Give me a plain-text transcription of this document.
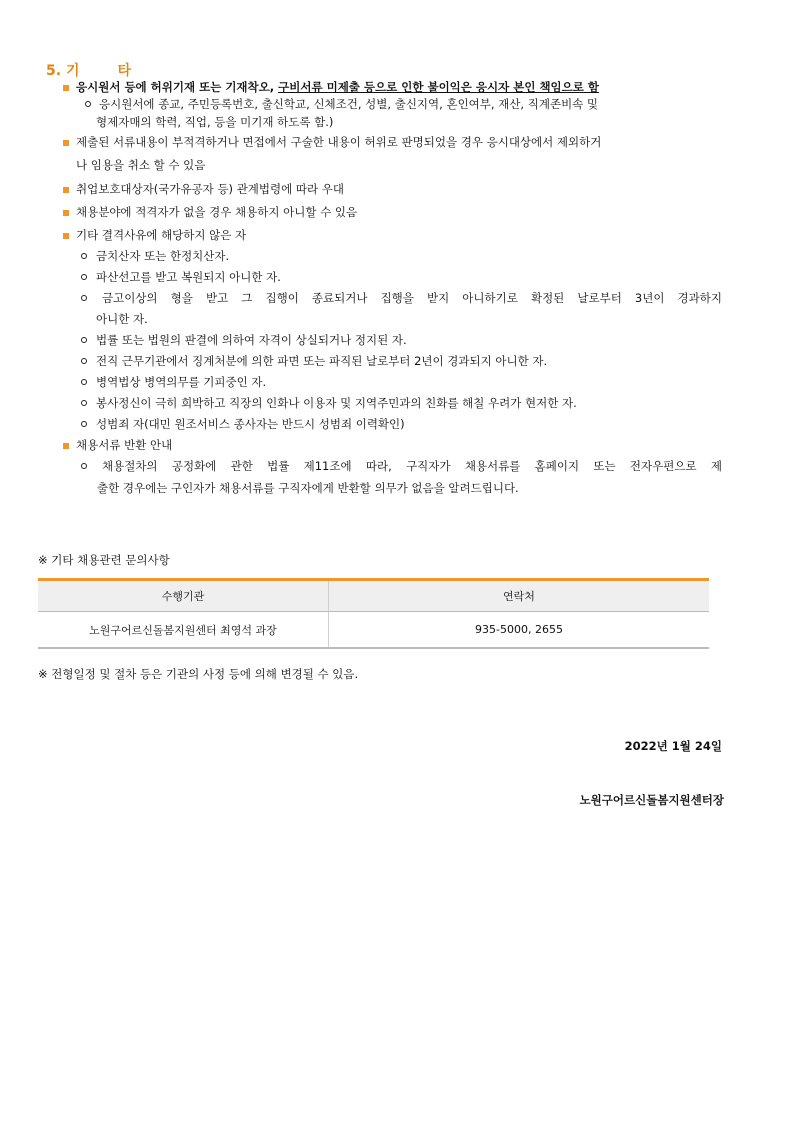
5. 기	타
응시원서 등에 허위기재 또는 기재착오, 구비서류 미제출 등으로 인한 불이익은 응시자 본인 책임으로 함
응시원서에 종교, 주민등록번호, 출신학교, 신체조건, 성별, 출신지역, 혼인여부, 재산, 직계존비속 및
형제자매의 학력, 직업, 등을 미기재 하도록 함.)
제출된 서류내용이 부적격하거나 면접에서 구술한 내용이 허위로 판명되었을 경우 응시대상에서 제외하거
나 임용을 취소 할 수 있음
취업보호대상자(국가유공자 등) 관계법령에 따라 우대
채용분야에 적격자가 없을 경우 채용하지 아니할 수 있음
기타 결격사유에 해당하지 않은 자
금치산자 또는 한정치산자.
파산선고를 받고 복원되지 아니한 자.
금고이상의 형을 받고 그 집행이 종료되거나 집행을 받지 아니하기로 확정된 날로부터 3년이 경과하지
아니한 자.
법률 또는 법원의 판결에 의하여 자격이 상실되거나 정지된 자.
전직 근무기관에서 징계처분에 의한 파면 또는 파직된 날로부터 2년이 경과되지 아니한 자.
병역법상 병역의무를 기피중인 자.
봉사정신이 극히 희박하고 직장의 인화나 이용자 및 지역주민과의 친화를 해칠 우려가 현저한 자.
성범죄 자(대민 원조서비스 종사자는 반드시 성범죄 이력확인)
채용서류 반환 안내
채용절차의 공정화에 관한 법률 제11조에 따라, 구직자가 채용서류를 홈페이지 또는 전자우편으로 제
출한 경우에는 구인자가 채용서류를 구직자에게 반환할 의무가 없음을 알려드립니다.
※ 기타 채용관련 문의사항

수행기관	연락처
노원구어르신돌봄지원센터 최영석 과장	935-5000, 2655
※ 전형일정 및 절차 등은 기관의 사정 등에 의해 변경될 수 있음.
2022년 1월 24일
노원구어르신돌봄지원센터장
